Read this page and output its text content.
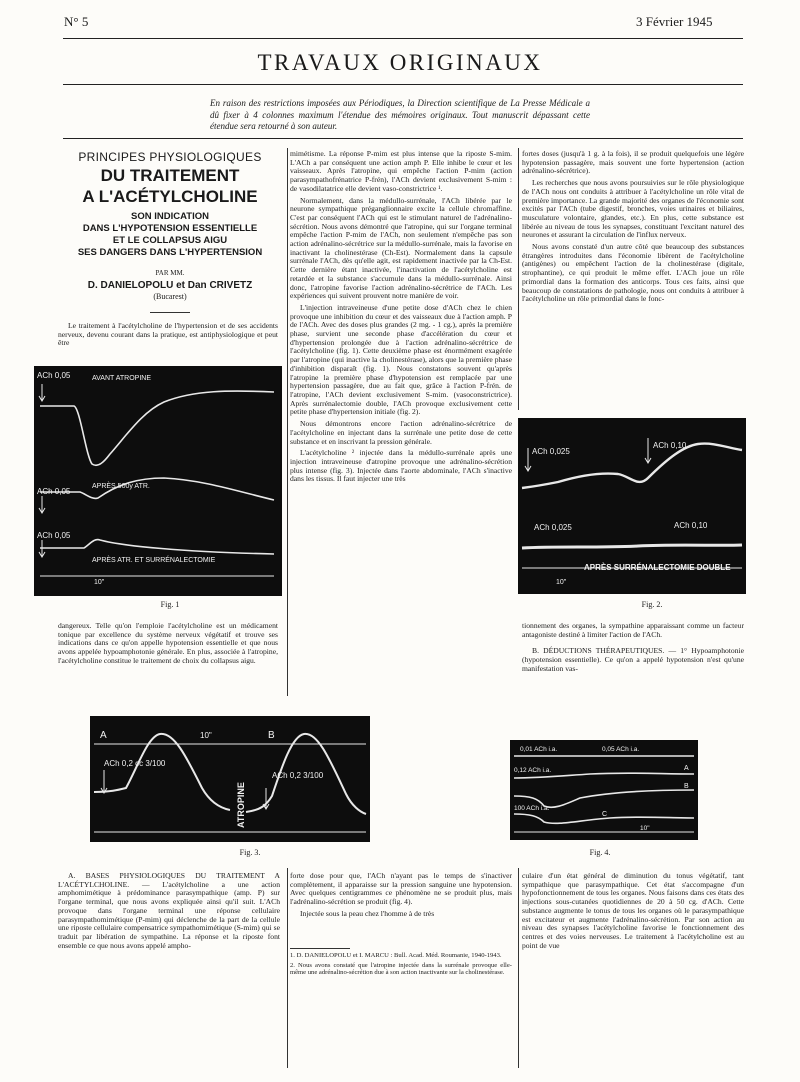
N° 5	3 Février 1945
TRAVAUX ORIGINAUX
En raison des restrictions imposées aux Périodiques, la Direction scientifique de La Presse Médicale a dû fixer à 4 colonnes maximum l'étendue des mémoires originaux. Tout manuscrit dépassant cette étendue sera retourné à son auteur.
PRINCIPES PHYSIOLOGIQUES
DU TRAITEMENT
A L'ACÉTYLCHOLINE
SON INDICATION
DANS L'HYPOTENSION ESSENTIELLE
ET LE COLLAPSUS AIGU
SES DANGERS DANS L'HYPERTENSION
PAR MM.
D. DANIELOPOLU et Dan CRIVETZ
(Bucarest)

Le traitement à l'acétylcholine de l'hypertension et de ses accidents nerveux, devenu courant dans la pratique, est antiphysiologique et peut être

ACh 0,05	AVANT ATROPINE
APRÈS 500y ATR.
ACh 0,05
ACh 0,05
APRÈS ATR. ET SURRÉNALECTOMIE
10"
Fig. 1

dangereux. Telle qu'on l'emploie l'acétylcholine est un médicament tonique par excellence du système nerveux végétatif et trouve ses indications dans ce qu'on appelle hypotension essentielle et que nous avons appelée hypoamphotonie générale. En plus, associée à l'atropine, l'acétylcholine constitue le traitement de choix du collapsus aigu.

mimétisme. La réponse P-mim est plus intense que la riposte S-mim. L'ACh a par conséquent une action amph P. Elle inhibe le cœur et les vaisseaux. Après l'atropine, qui empêche l'action P-mim (action parasympathofrénatrice P-frén), l'ACh devient exclusivement S-mim : de vasodilatatrice elle devient vaso-constrictrice ¹.

Normalement, dans la médullo-surrénale, l'ACh libérée par le neurone sympathique préganglionnaire excite la cellule chromaffine. C'est par conséquent l'ACh qui est le stimulant naturel de l'adrénalino-sécrétion. Nous avons démontré que l'atropine, qui sur l'organe terminal empêche l'action P-mim de l'ACh, non seulement n'empêche pas son action adrénalino-sécrétrice sur la médullo-surrénale, mais la favorise en inactivant la cholinestérase (Ch-Est). Normalement dans la capsule surrénale l'ACh, dès qu'elle agit, est rapidement inactivée par la Ch-Est. Cette dernière étant inactivée, l'inactivation de l'acétylcholine est retardée et la substance s'accumule dans la médullo-surrénale. Ainsi donc, l'atropine favorise l'action adrénalino-sécrétrice de l'ACh. Les expériences qui suivent prouvent notre manière de voir.

L'injection intraveineuse d'une petite dose d'ACh chez le chien provoque une inhibition du cœur et des vaisseaux due à l'action amph. P de l'ACh. Avec des doses plus grandes (2 mg. - 1 cg.), après la première phase, survient une seconde phase d'accélération du cœur et d'hypertension prolongée due à l'action adrénalino-sécrétrice de l'acétylcholine (fig. 1). Cette deuxième phase est énormément exagérée par l'atropine (qui inactive la cholinestérase), alors que la première phase d'inhibition disparaît (fig. 1). Nous constatons souvent qu'après l'atropine la première phase d'hypotension est remplacée par une hypertension passagère, due au fait que, grâce à l'action P-frén. de l'atropine, l'ACh devient exclusivement S-mim. (vasoconstrictrice). Après surrénalectomie double, l'ACh provoque exclusivement cette petite phase d'hypertension initiale (fig. 2).

Nous démontrons encore l'action adrénalino-sécrétrice de l'acétylcholine en injectant dans la surrénale une petite dose de cette substance et en inscrivant la pression générale.

L'acétylcholine ² injectée dans la médullo-surrénale après une injection intraveineuse d'atropine provoque une adrénalino-sécrétion plus intense (fig. 3). Injectée dans l'aorte abdominale, l'ACh s'inactive dans les tissus. Il faut injecter une très

fortes doses (jusqu'à 1 g. à la fois), il se produit quelquefois une légère hypotension passagère, mais souvent une forte hypertension (action adrénalino-sécrétrice).

Les recherches que nous avons poursuivies sur le rôle physiologique de l'ACh nous ont conduits à attribuer à l'acétylcholine un rôle vital de première importance. La grande majorité des organes de l'économie sont excités par l'ACh (tube digestif, bronches, voies urinaires et biliaires, musculature volontaire, glandes, etc.). En plus, cette substance est libérée au niveau de tous les synapses, constituant l'excitant naturel des neurones et assurant la circulation de l'influx nerveux.

Nous avons constaté d'un autre côté que beaucoup des substances étrangères introduites dans l'économie libèrent de l'acétylcholine (antigènes) ou empêchent l'action de la cholinestérase (digitale, strophantine), ce qui produit le même effet. L'ACh joue un rôle primordial dans la formation des anticorps. Tous ces faits, ainsi que beaucoup de constatations de pathologie, nous ont conduits à attribuer à l'acétylcholine un rôle primordial dans le fonc-

ACh 0,025
ACh 0,10
ACh 0,025	ACh 0,10
10"
APRÈS SURRÉNALECTOMIE DOUBLE
Fig. 2.

tionnement des organes, la sympathine apparaissant comme un facteur antagoniste destiné à limiter l'action de l'ACh.

B. DÉDUCTIONS THÉRAPEUTIQUES. — 1° Hypoamphotonie (hypotension essentielle). Ce qu'on a appelé hypotension n'est qu'une manifestation vas-

A	10"	B
ACh 0,2 cc 3/100
ATROPINE
ACh 0,2 3/100
Fig. 3.
0,01 ACh i.a.	0,05 ACh i.a.
0,12 ACh i.a.
100 ACh i.a.
A
B
C
10"
Fig. 4.

A. BASES PHYSIOLOGIQUES DU TRAITEMENT A L'ACÉTYLCHOLINE. — L'acétylcholine a une action amphomimétique à prédominance parasympathique (amp. P) sur l'organe terminal, que nous avons expliquée ainsi qu'il suit. L'ACh provoque dans l'organe terminal une réponse cellulaire parasympathomimétique (P-mim) qui déclenche de la part de la cellule une riposte cellulaire compensatrice sympathomimétique (S-mim) qui se traduit par libération de sympathine. La réponse et la riposte font ensemble ce que nous avons appelé ampho-

forte dose pour que, l'ACh n'ayant pas le temps de s'inactiver complètement, il apparaisse sur la pression sanguine une hypotension. Avec quelques centigrammes ce phénomène ne se produit plus, mais l'adrénalino-sécrétion se produit (fig. 4).

Injectée sous la peau chez l'homme à de très

1. D. DANIELOPOLU et I. MARCU : Bull. Acad. Méd. Roumanie, 1940-1943.
2. Nous avons constaté que l'atropine injectée dans la surrénale provoque elle-même une adrénalino-sécrétion due à son action inactivante sur la cholinestérase.

culaire d'un état général de diminution du tonus végétatif, tant sympathique que parasympathique. Cet état s'accompagne d'un hypofonctionnement de tous les organes. Nous faisons dans ces états des injections sous-cutanées quotidiennes de 20 à 50 cg. d'ACh. Cette substance augmente le tonus de tous les organes où le parasympathique est excitateur et augmente l'adrénalino-sécrétion. Par son action au niveau des synapses l'acétylcholine favorise le fonctionnement des centres et des voies nerveuses. Le traitement à l'acétylcholine est au point de vue
